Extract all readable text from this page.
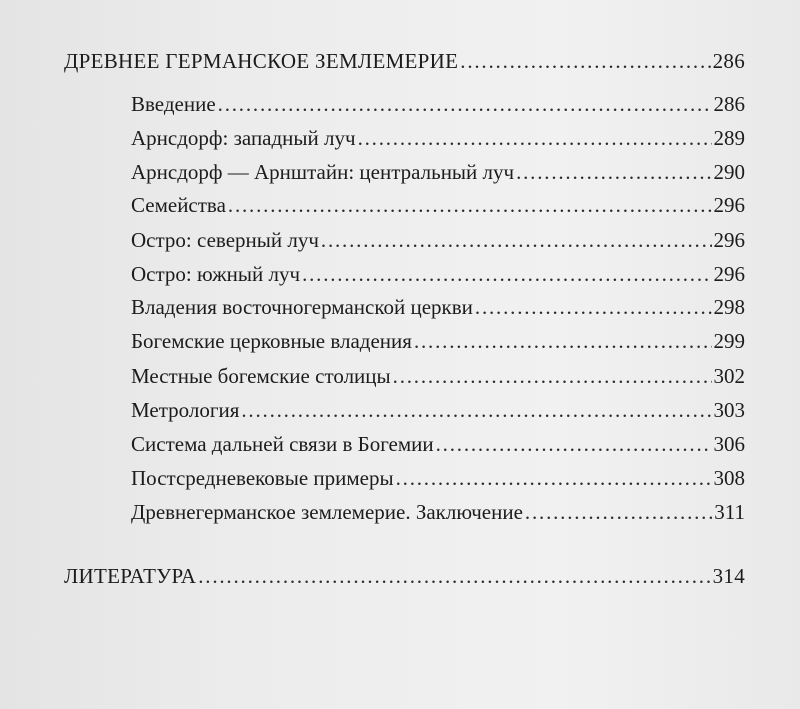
ДРЕВНЕЕ ГЕРМАНСКОЕ ЗЕМЛЕМЕРИЕ .....	286
Введение .....	286
Арнсдорф: западный луч .....	289
Арнсдорф — Арнштайн: центральный луч .....	290
Семейства .....	296
Остро: северный луч .....	296
Остро: южный луч .....	296
Владения восточногерманской церкви .....	298
Богемские церковные владения .....	299
Местные богемские столицы .....	302
Метрология .....	303
Система дальней связи в Богемии .....	306
Постсредневековые примеры .....	308
Древнегерманское землемерие. Заключение .....	311
ЛИТЕРАТУРА .....	314
